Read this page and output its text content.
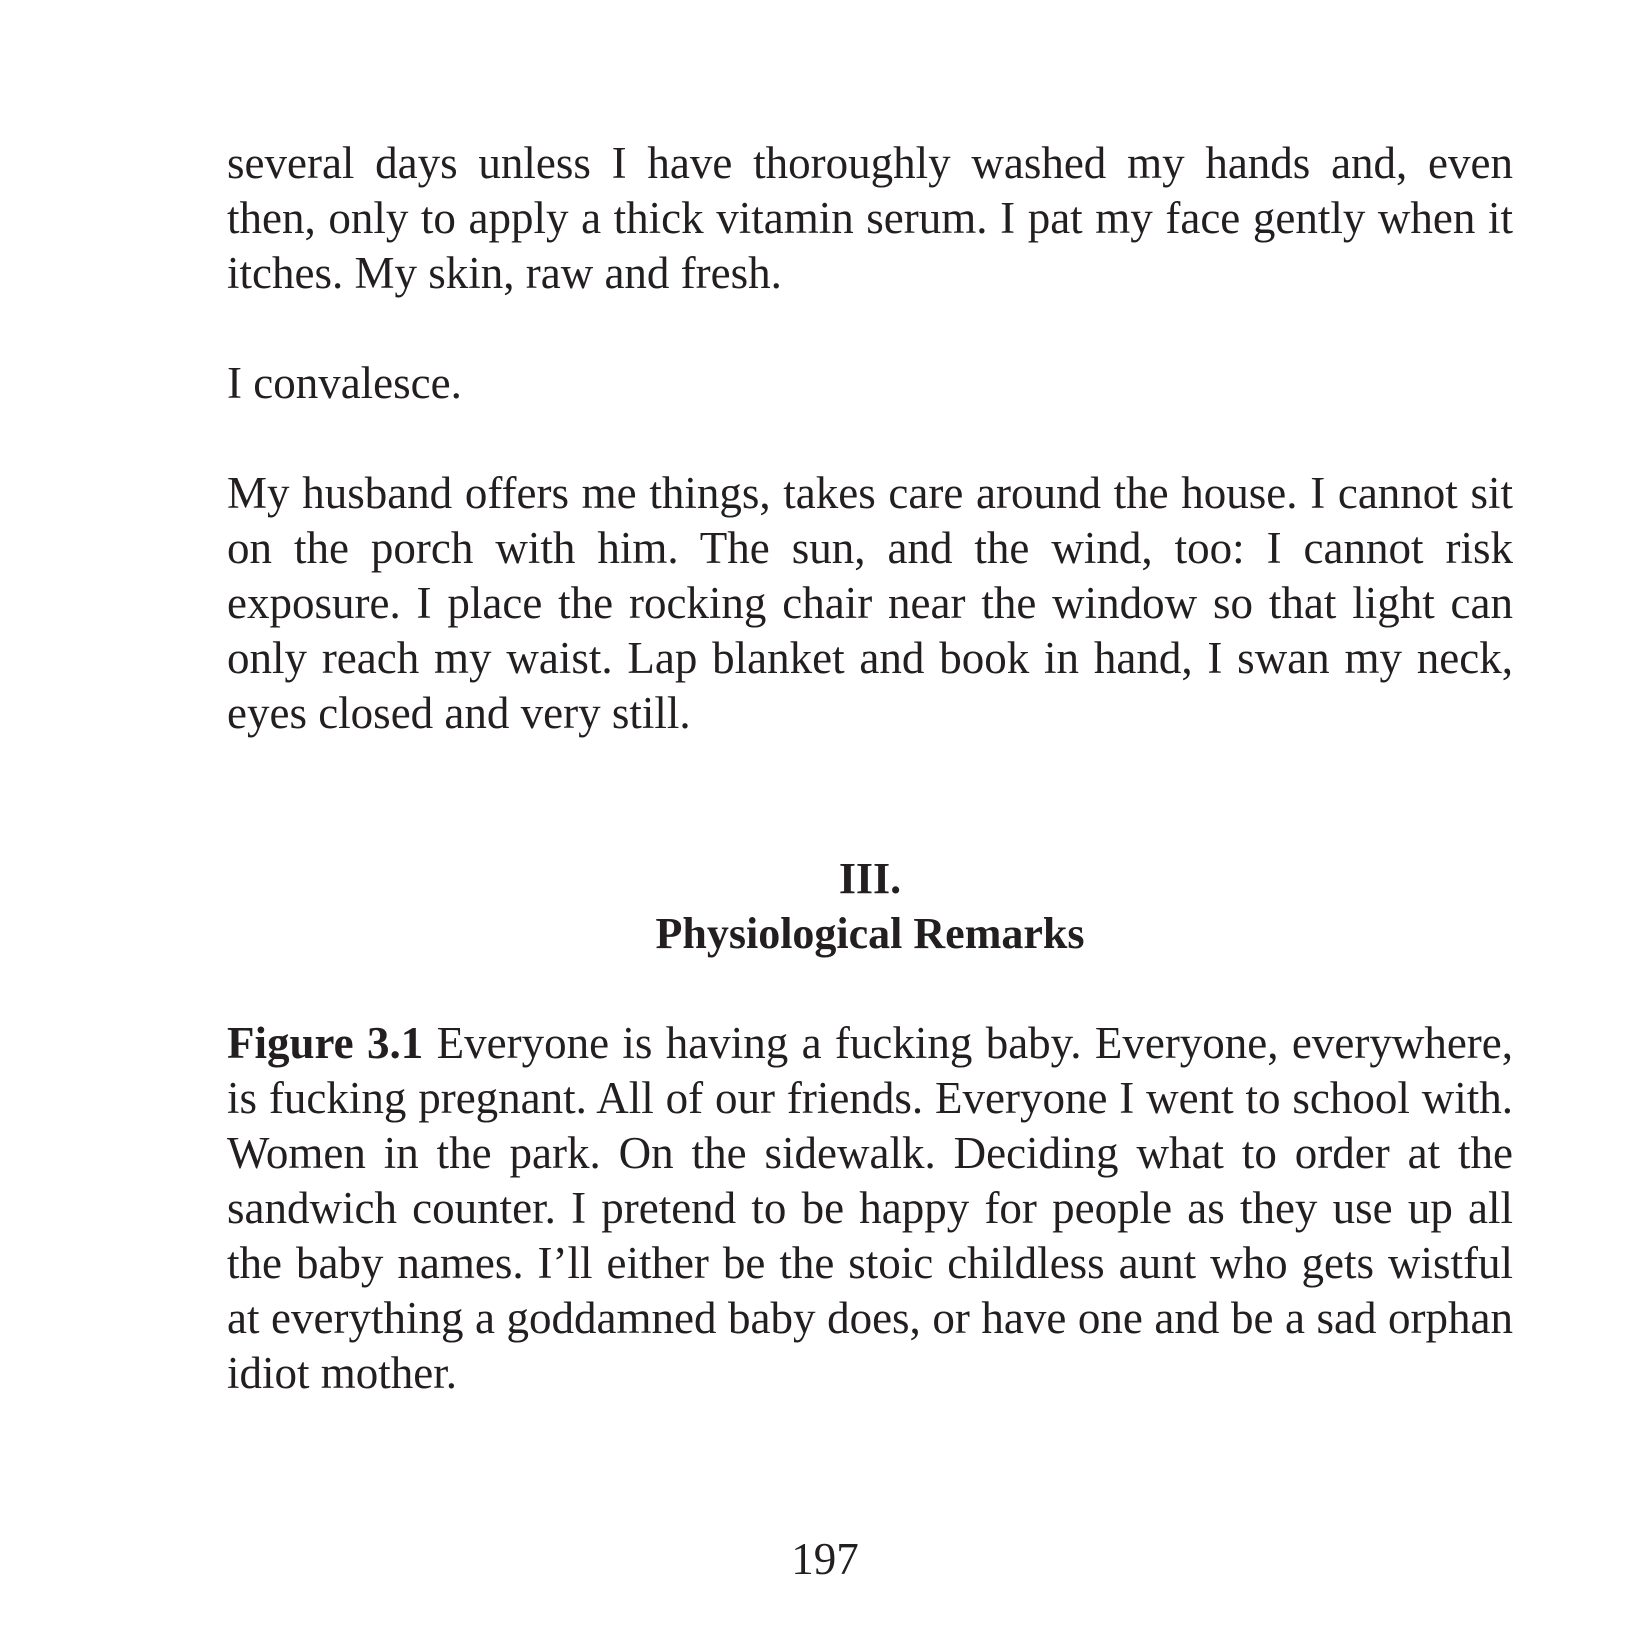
several days unless I have thoroughly washed my hands and, even then, only to apply a thick vitamin serum. I pat my face gently when it itches. My skin, raw and fresh.

I convalesce.

My husband offers me things, takes care around the house. I cannot sit on the porch with him. The sun, and the wind, too: I cannot risk exposure. I place the rocking chair near the window so that light can only reach my waist. Lap blanket and book in hand, I swan my neck, eyes closed and very still.

III.
Physiological Remarks

Figure 3.1 Everyone is having a fucking baby. Everyone, everywhere, is fucking pregnant. All of our friends. Everyone I went to school with. Women in the park. On the sidewalk. Deciding what to order at the sandwich counter. I pretend to be happy for people as they use up all the baby names. I’ll either be the stoic childless aunt who gets wistful at everything a goddamned baby does, or have one and be a sad orphan idiot mother.

197
